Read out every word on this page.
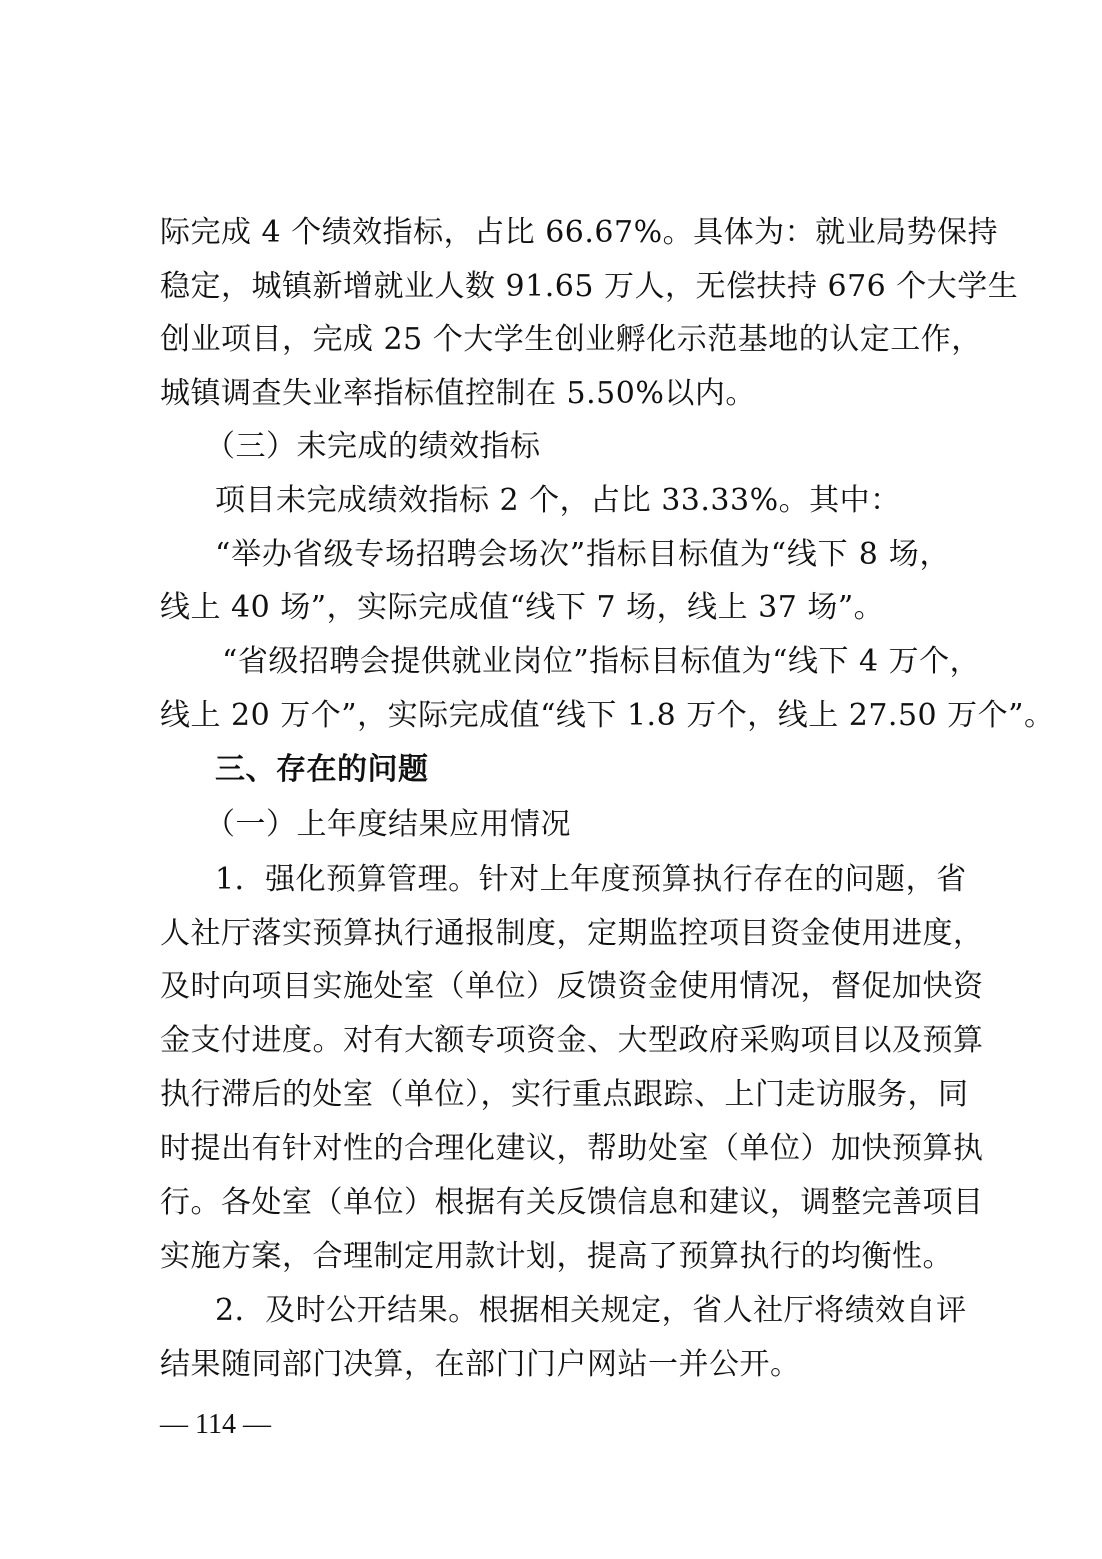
际完成 4 个绩效指标，占比 66.67%。具体为：就业局势保持
稳定，城镇新增就业人数 91.65 万人，无偿扶持 676 个大学生
创业项目，完成 25 个大学生创业孵化示范基地的认定工作，
城镇调查失业率指标值控制在 5.50%以内。
（三）未完成的绩效指标
项目未完成绩效指标 2 个，占比 33.33%。其中：
“举办省级专场招聘会场次”指标目标值为“线下 8 场，
线上 40 场”，实际完成值“线下 7 场，线上 37 场”。
“省级招聘会提供就业岗位”指标目标值为“线下 4 万个，
线上 20 万个”，实际完成值“线下 1.8 万个，线上 27.50 万个”。
三、存在的问题
（一）上年度结果应用情况
1．强化预算管理。针对上年度预算执行存在的问题，省
人社厅落实预算执行通报制度，定期监控项目资金使用进度，
及时向项目实施处室（单位）反馈资金使用情况，督促加快资
金支付进度。对有大额专项资金、大型政府采购项目以及预算
执行滞后的处室（单位），实行重点跟踪、上门走访服务，同
时提出有针对性的合理化建议，帮助处室（单位）加快预算执
行。各处室（单位）根据有关反馈信息和建议，调整完善项目
实施方案，合理制定用款计划，提高了预算执行的均衡性。
2．及时公开结果。根据相关规定，省人社厅将绩效自评
结果随同部门决算，在部门门户网站一并公开。
— 114 —
